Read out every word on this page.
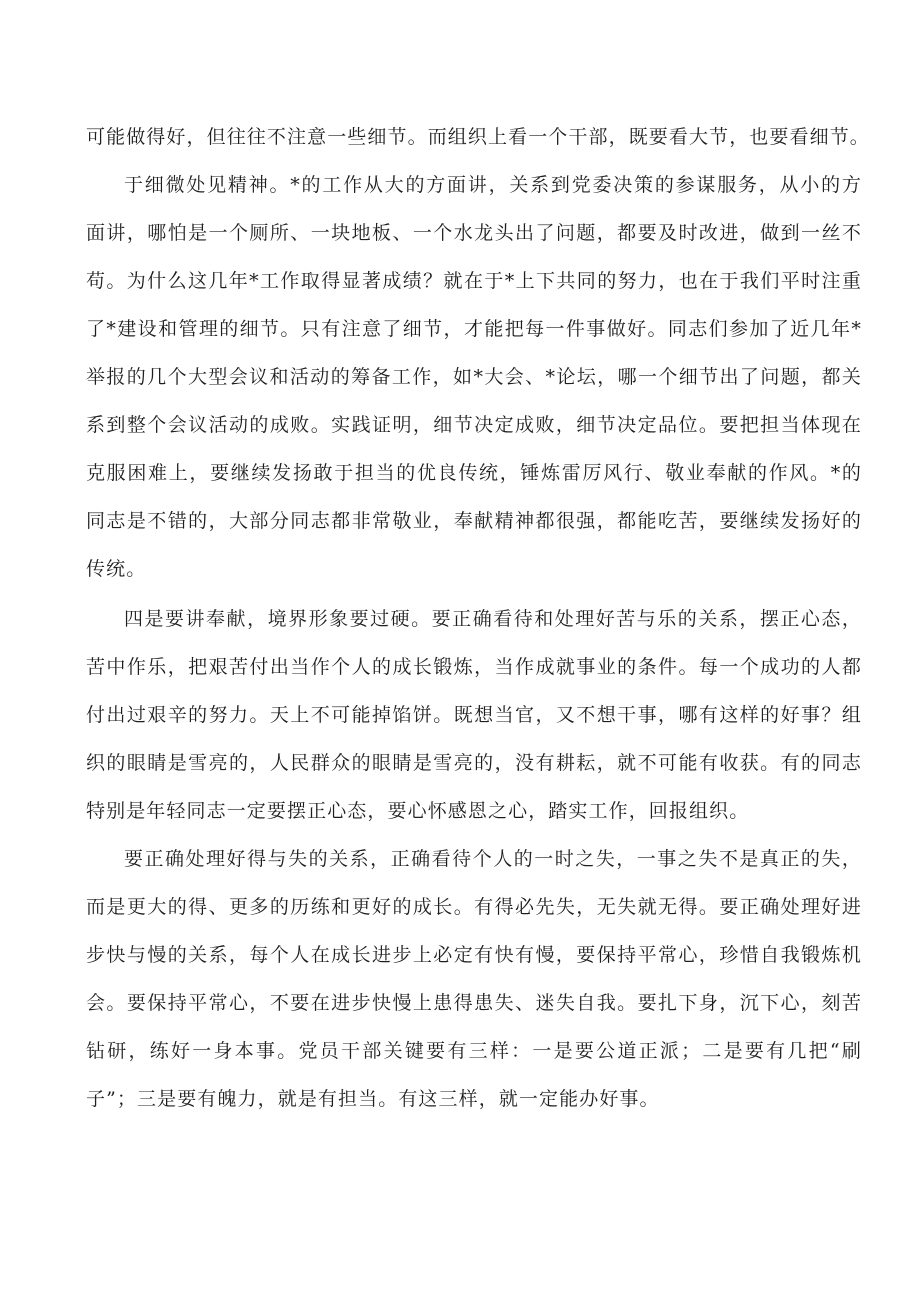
可能做得好，但往往不注意一些细节。而组织上看一个干部，既要看大节，也要看细节。
于细微处见精神。*的工作从大的方面讲，关系到党委决策的参谋服务，从小的方
面讲，哪怕是一个厕所、一块地板、一个水龙头出了问题，都要及时改进，做到一丝不
苟。为什么这几年*工作取得显著成绩？就在于*上下共同的努力，也在于我们平时注重
了*建设和管理的细节。只有注意了细节，才能把每一件事做好。同志们参加了近几年*
举报的几个大型会议和活动的筹备工作，如*大会、*论坛，哪一个细节出了问题，都关
系到整个会议活动的成败。实践证明，细节决定成败，细节决定品位。要把担当体现在
克服困难上，要继续发扬敢于担当的优良传统，锤炼雷厉风行、敬业奉献的作风。*的
同志是不错的，大部分同志都非常敬业，奉献精神都很强，都能吃苦，要继续发扬好的
传统。
四是要讲奉献，境界形象要过硬。要正确看待和处理好苦与乐的关系，摆正心态，
苦中作乐，把艰苦付出当作个人的成长锻炼，当作成就事业的条件。每一个成功的人都
付出过艰辛的努力。天上不可能掉馅饼。既想当官，又不想干事，哪有这样的好事？组
织的眼睛是雪亮的，人民群众的眼睛是雪亮的，没有耕耘，就不可能有收获。有的同志
特别是年轻同志一定要摆正心态，要心怀感恩之心，踏实工作，回报组织。
要正确处理好得与失的关系，正确看待个人的一时之失，一事之失不是真正的失，
而是更大的得、更多的历练和更好的成长。有得必先失，无失就无得。要正确处理好进
步快与慢的关系，每个人在成长进步上必定有快有慢，要保持平常心，珍惜自我锻炼机
会。要保持平常心，不要在进步快慢上患得患失、迷失自我。要扎下身，沉下心，刻苦
钻研，练好一身本事。党员干部关键要有三样：一是要公道正派；二是要有几把“刷
子”；三是要有魄力，就是有担当。有这三样，就一定能办好事。
